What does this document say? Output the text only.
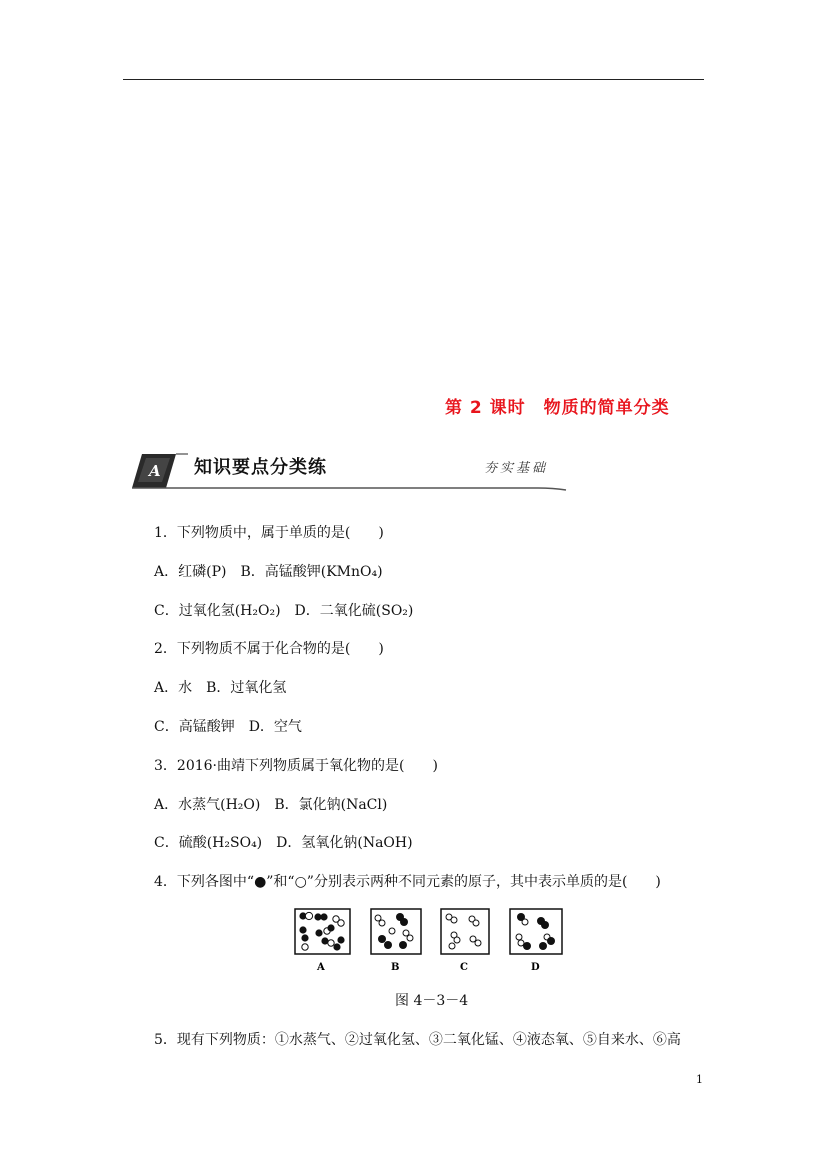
第 2 课时　物质的简单分类
A 知识要点分类练	夯实基础
1．下列物质中，属于单质的是(　　)
A．红磷(P)　B．高锰酸钾(KMnO₄)
C．过氧化氢(H₂O₂)　D．二氧化硫(SO₂)
2．下列物质不属于化合物的是(　　)
A．水　B．过氧化氢
C．高锰酸钾　D．空气
3．2016·曲靖下列物质属于氧化物的是(　　)
A．水蒸气(H₂O)　B．氯化钠(NaCl)
C．硫酸(H₂SO₄)　D．氢氧化钠(NaOH)
4．下列各图中“●”和“○”分别表示两种不同元素的原子，其中表示单质的是(　　)
A	B	C	D
图 4－3－4
5．现有下列物质：①水蒸气、②过氧化氢、③二氧化锰、④液态氧、⑤自来水、⑥高
1
